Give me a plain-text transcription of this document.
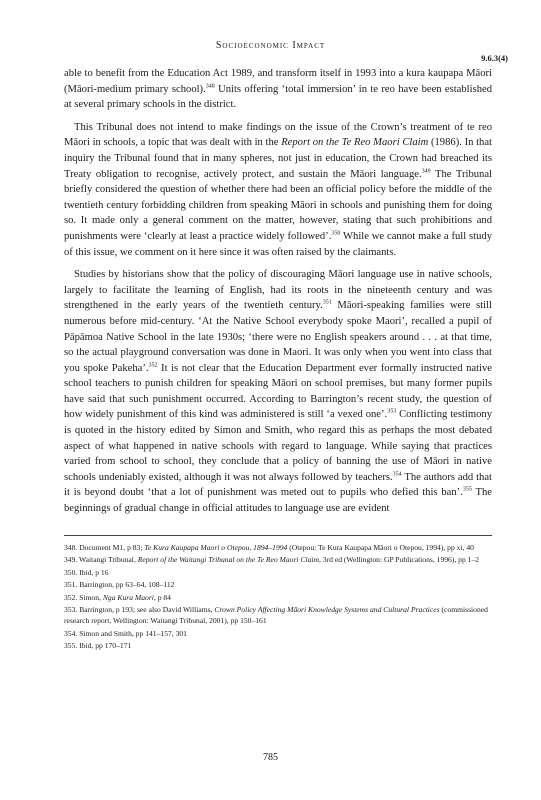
Socioeconomic Impact
9.6.3(4)

able to benefit from the Education Act 1989, and transform itself in 1993 into a kura kaupapa Māori (Māori-medium primary school).$^{348}$ Units offering ‘total immersion’ in te reo have been established at several primary schools in the district.

This Tribunal does not intend to make findings on the issue of the Crown’s treatment of te reo Māori in schools, a topic that was dealt with in the Report on the Te Reo Maori Claim (1986). In that inquiry the Tribunal found that in many spheres, not just in education, the Crown had breached its Treaty obligation to recognise, actively protect, and sustain the Māori language.$^{349}$ The Tribunal briefly considered the question of whether there had been an official policy before the middle of the twentieth century forbidding children from speaking Māori in schools and punishing them for doing so. It made only a general comment on the matter, however, stating that such prohibitions and punishments were ‘clearly at least a practice widely followed’.$^{350}$ While we cannot make a full study of this issue, we comment on it here since it was often raised by the claimants.

Studies by historians show that the policy of discouraging Māori language use in native schools, largely to facilitate the learning of English, had its roots in the nineteenth century and was strengthened in the early years of the twentieth century.$^{351}$ Māori-speaking families were still numerous before mid-century. ‘At the Native School everybody spoke Maori’, recalled a pupil of Pāpāmoa Native School in the late 1930s; ‘there were no English speakers around . . . at that time, so the actual playground conversation was done in Maori. It was only when you went into class that you spoke Pakeha’.$^{352}$ It is not clear that the Education Department ever formally instructed native school teachers to punish children for speaking Māori on school premises, but many former pupils have said that such punishment occurred. According to Barrington’s recent study, the question of how widely punishment of this kind was administered is still ‘a vexed one’.$^{353}$ Conflicting testimony is quoted in the history edited by Simon and Smith, who regard this as perhaps the most debated aspect of what happened in native schools with regard to language. While saying that practices varied from school to school, they conclude that a policy of banning the use of Māori in native schools undeniably existed, although it was not always followed by teachers.$^{354}$ The authors add that it is beyond doubt ‘that a lot of punishment was meted out to pupils who defied this ban’.$^{355}$ The beginnings of gradual change in official attitudes to language use are evident

348. Document M1, p 83; Te Kura Kaupapa Maori o Otepou, 1894–1994 (Otepou: Te Kura Kaupapa Māori o Otepou, 1994), pp xi, 40
349. Waitangi Tribunal, Report of the Waitangi Tribunal on the Te Reo Maori Claim, 3rd ed (Wellington: GP Publications, 1996), pp 1–2
350. Ibid, p 16
351. Barrington, pp 63–64, 108–112
352. Simon, Nga Kura Maori, p 84
353. Barrington, p 193; see also David Williams, Crown Policy Affecting Māori Knowledge Systems and Cultural Practices (commissioned research report, Wellington: Waitangi Tribunal, 2001), pp 150–161
354. Simon and Smith, pp 141–157, 301
355. Ibid, pp 170–171
785
